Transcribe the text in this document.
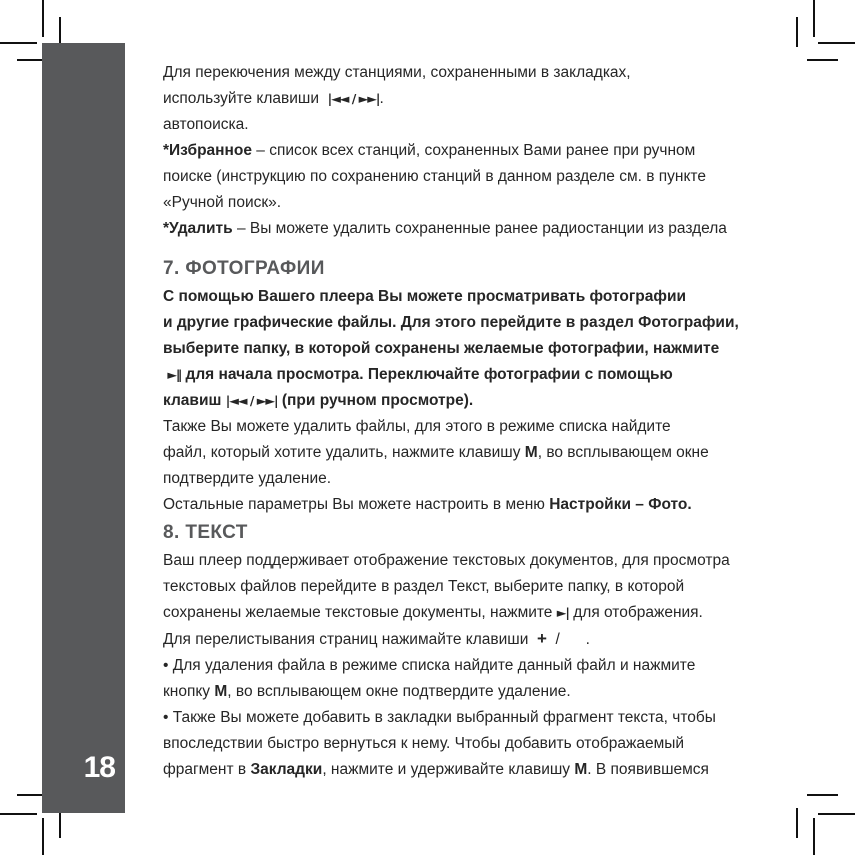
18
Для перекючения между станциями, сохраненными в закладках,
используйте клавиши  |◄◄ / ►►|.
автопоиска.
*Избранное – список всех станций, сохраненных Вами ранее при ручном
поиске (инструкцию по сохранению станций в данном разделе см. в пункте
«Ручной поиск».
*Удалить – Вы можете удалить сохраненные ранее радиостанции из раздела
7. ФОТОГРАФИИ
С помощью Вашего плеера Вы можете просматривать фотографии
и другие графические файлы. Для этого перейдите в раздел Фотографии,
выберите папку, в которой сохранены желаемые фотографии, нажмите
►‖ для начала просмотра. Переключайте фотографии с помощью
клавиш |◄◄ / ►►| (при ручном просмотре).
Также Вы можете удалить файлы, для этого в режиме списка найдите
файл, который хотите удалить, нажмите клавишу М, во всплывающем окне
подтвердите удаление.
Остальные параметры Вы можете настроить в меню Настройки – Фото.
8. ТЕКСТ
Ваш плеер поддерживает отображение текстовых документов, для просмотра
текстовых файлов перейдите в раздел Текст, выберите папку, в которой
сохранены желаемые текстовые документы, нажмите ►| для отображения.
Для перелистывания страниц нажимайте клавиши  +  /      .
• Для удаления файла в режиме списка найдите данный файл и нажмите
кнопку М, во всплывающем окне подтвердите удаление.
• Также Вы можете добавить в закладки выбранный фрагмент текста, чтобы
впоследствии быстро вернуться к нему. Чтобы добавить отображаемый
фрагмент в Закладки, нажмите и удерживайте клавишу М. В появившемся
